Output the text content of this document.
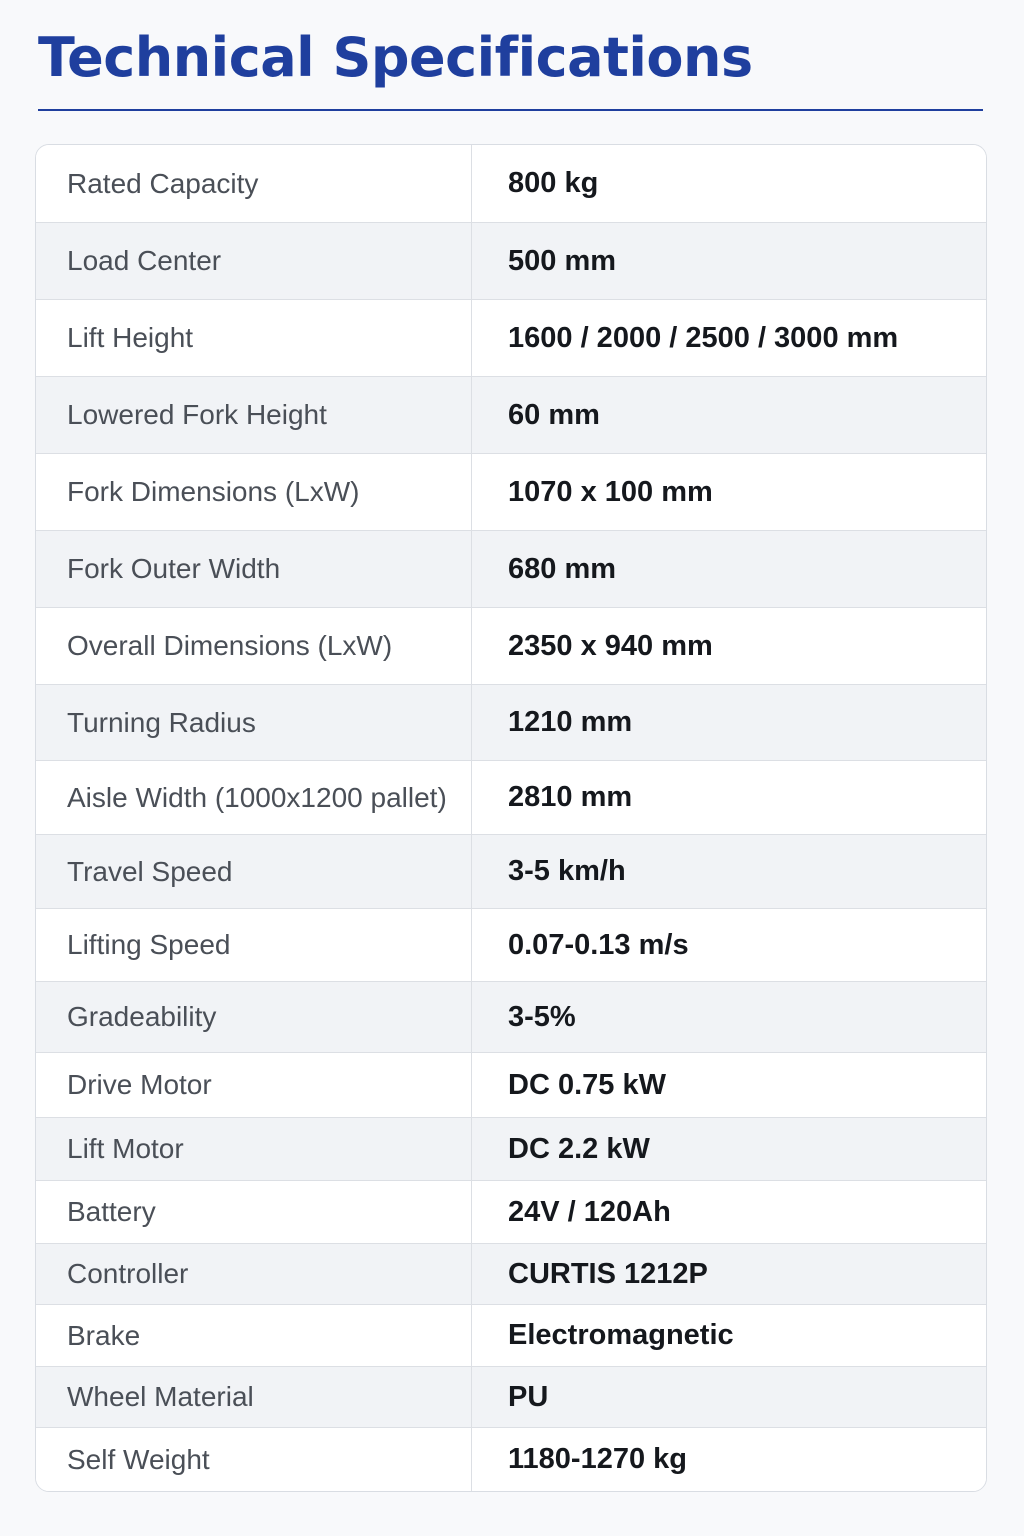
Technical Specifications
Rated Capacity	800 kg
Load Center	500 mm
Lift Height	1600 / 2000 / 2500 / 3000 mm
Lowered Fork Height	60 mm
Fork Dimensions (LxW)	1070 x 100 mm
Fork Outer Width	680 mm
Overall Dimensions (LxW)	2350 x 940 mm
Turning Radius	1210 mm
Aisle Width (1000x1200 pallet)	2810 mm
Travel Speed	3-5 km/h
Lifting Speed	0.07-0.13 m/s
Gradeability	3-5%
Drive Motor	DC 0.75 kW
Lift Motor	DC 2.2 kW
Battery	24V / 120Ah
Controller	CURTIS 1212P
Brake	Electromagnetic
Wheel Material	PU
Self Weight	1180-1270 kg
